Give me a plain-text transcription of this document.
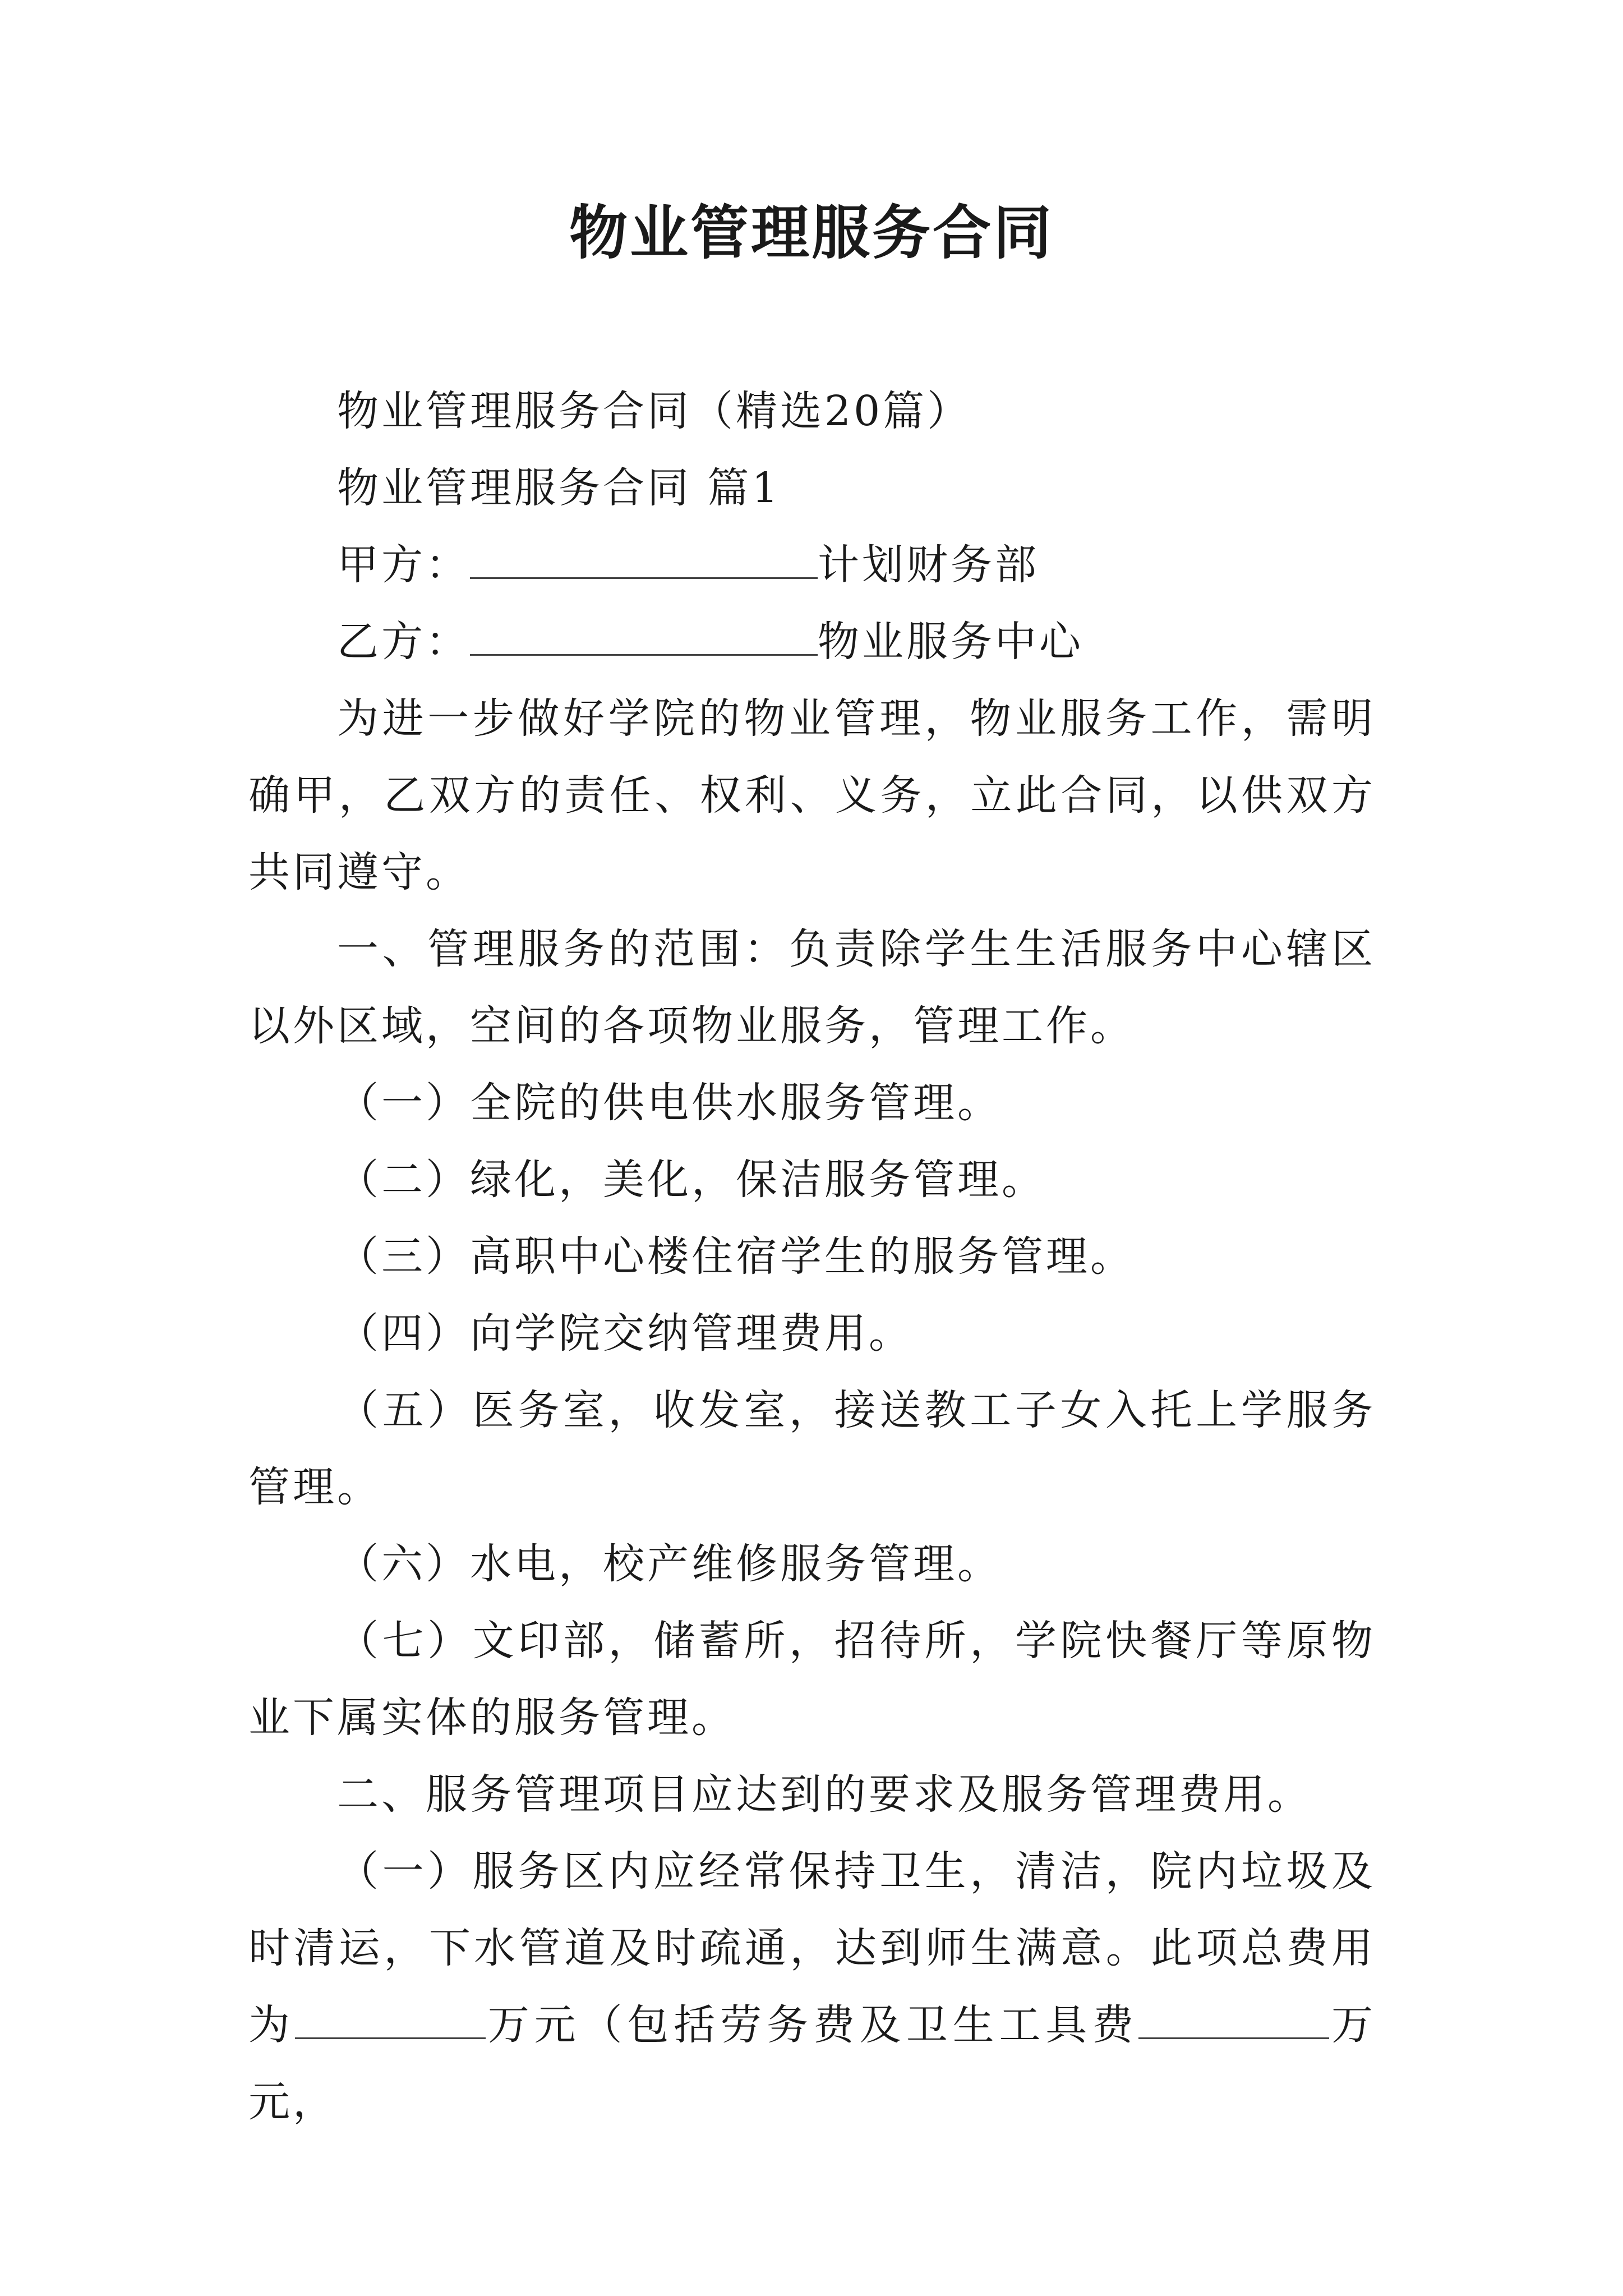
物业管理服务合同

物业管理服务合同（精选20篇）

物业管理服务合同 篇1

甲方：	计划财务部

乙方：	物业服务中心

为进一步做好学院的物业管理，物业服务工作，需明确甲，乙双方的责任、权利、义务，立此合同，以供双方共同遵守。

一、管理服务的范围：负责除学生生活服务中心辖区以外区域，空间的各项物业服务，管理工作。

（一）全院的供电供水服务管理。

（二）绿化，美化，保洁服务管理。

（三）高职中心楼住宿学生的服务管理。

（四）向学院交纳管理费用。

（五）医务室，收发室，接送教工子女入托上学服务管理。

（六）水电，校产维修服务管理。

（七）文印部，储蓄所，招待所，学院快餐厅等原物业下属实体的服务管理。

二、服务管理项目应达到的要求及服务管理费用。

（一）服务区内应经常保持卫生，清洁，院内垃圾及时清运，下水管道及时疏通，达到师生满意。此项总费用为	万元（包括劳务费及卫生工具费	万元，
